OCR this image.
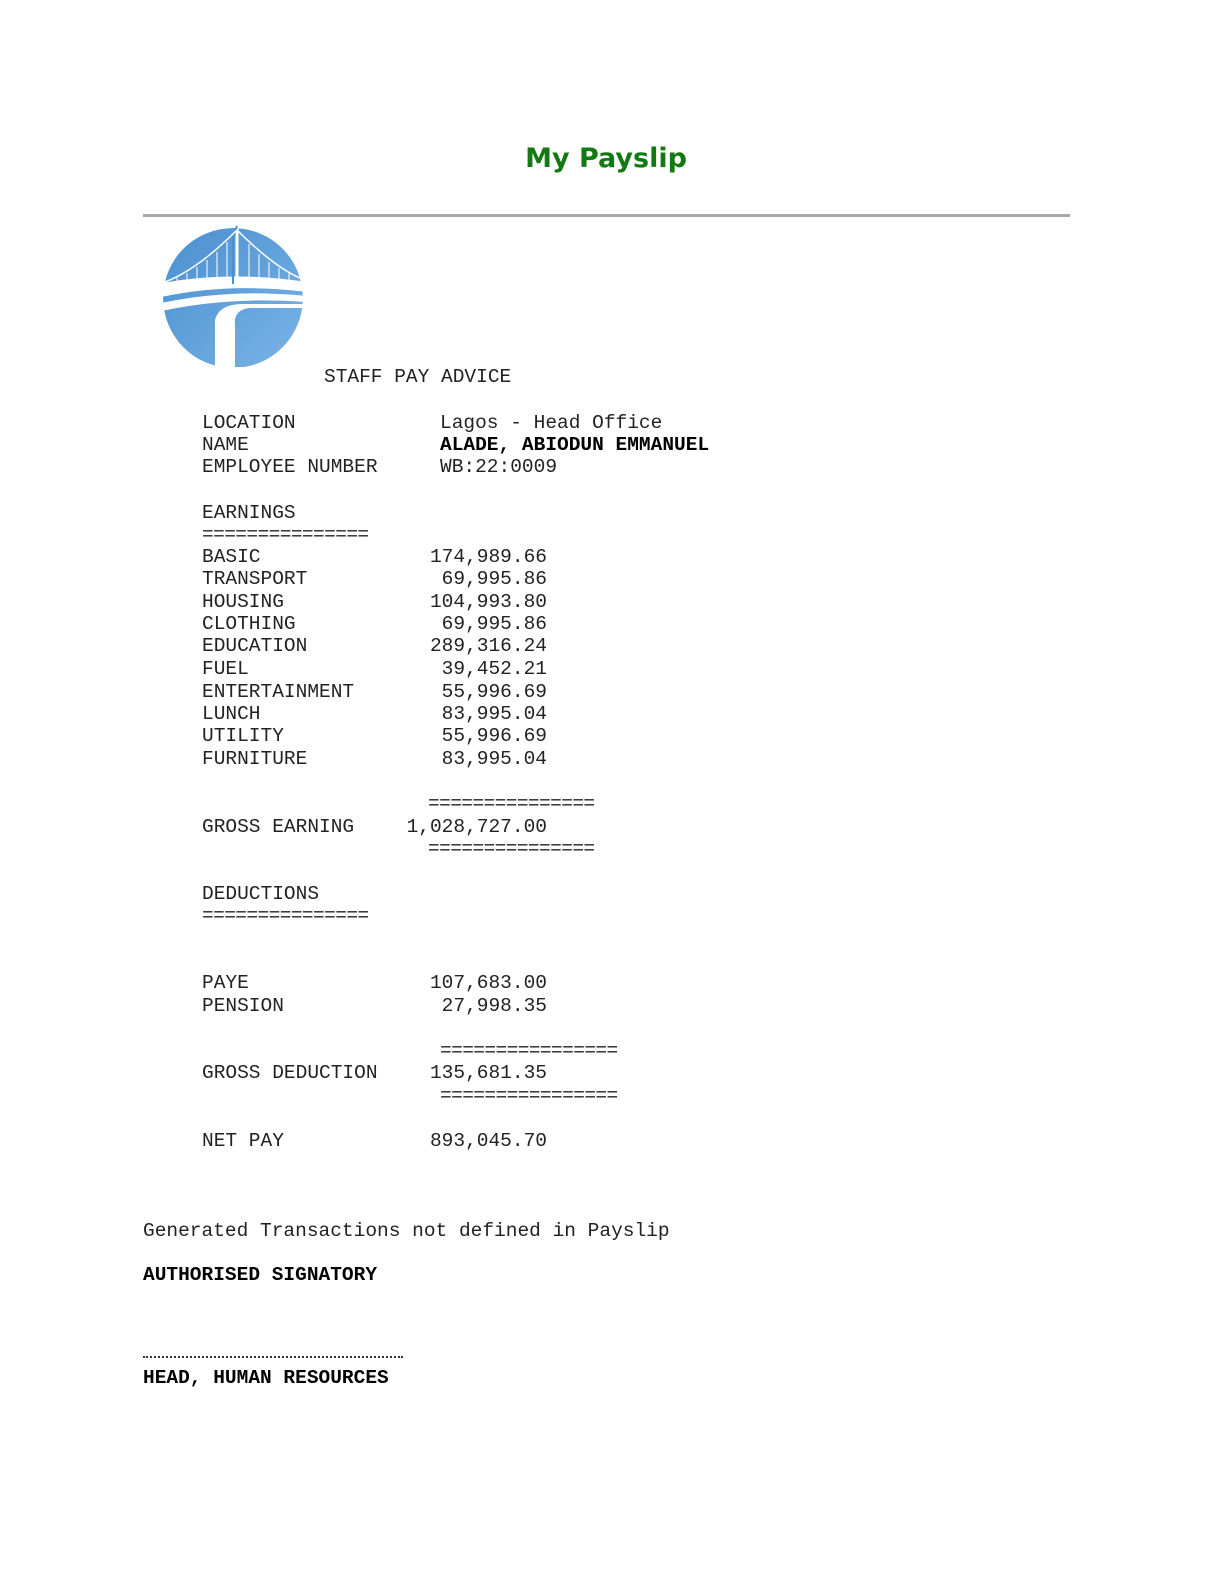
My Payslip
STAFF PAY ADVICE
LOCATION	Lagos - Head Office
NAME	ALADE, ABIODUN EMMANUEL
EMPLOYEE NUMBER	WB:22:0009
EARNINGS
===============
BASIC	174,989.66
TRANSPORT	69,995.86
HOUSING	104,993.80
CLOTHING	69,995.86
EDUCATION	289,316.24
FUEL	39,452.21
ENTERTAINMENT	55,996.69
LUNCH	83,995.04
UTILITY	55,996.69
FURNITURE	83,995.04
===============
GROSS EARNING	1,028,727.00
===============
DEDUCTIONS
===============
PAYE	107,683.00
PENSION	27,998.35
================
GROSS DEDUCTION	135,681.35
================
NET PAY	893,045.70
Generated Transactions not defined in Payslip
AUTHORISED SIGNATORY
HEAD, HUMAN RESOURCES
